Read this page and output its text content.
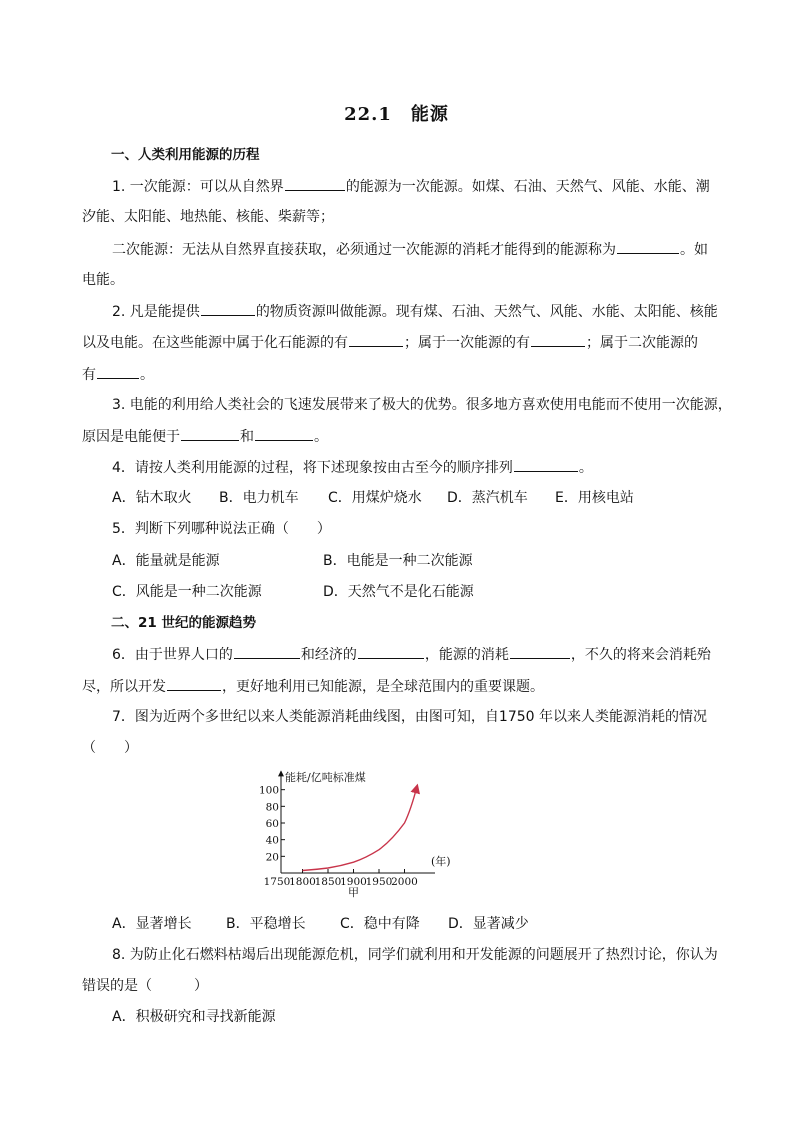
22.1　能源
一、人类利用能源的历程
1. 一次能源：可以从自然界	的能源为一次能源。如煤、石油、天然气、风能、水能、潮
汐能、太阳能、地热能、核能、柴薪等；
二次能源：无法从自然界直接获取，必须通过一次能源的消耗才能得到的能源称为	。如
电能。
2. 凡是能提供	的物质资源叫做能源。现有煤、石油、天然气、风能、水能、太阳能、核能
以及电能。在这些能源中属于化石能源的有	；属于一次能源的有	；属于二次能源的
有	。
3. 电能的利用给人类社会的飞速发展带来了极大的优势。很多地方喜欢使用电能而不使用一次能源，
原因是电能便于	和	。
4．请按人类利用能源的过程，将下述现象按由古至今的顺序排列	。
A．钻木取火 B．电力机车 C．用煤炉烧水 D．蒸汽机车 E．用核电站
5．判断下列哪种说法正确（　　）
A．能量就是能源	B．电能是一种二次能源
C．风能是一种二次能源	D．天然气不是化石能源
二、21 世纪的能源趋势
6．由于世界人口的	和经济的	，能源的消耗	，不久的将来会消耗殆
尽，所以开发	，更好地利用已知能源，是全球范围内的重要课题。
7．图为近两个多世纪以来人类能源消耗曲线图，由图可知，自1750 年以来人类能源消耗的情况
（　　）
能耗/亿吨标准煤
(年)
甲
20
40
60
80
100
1750
1800
1850
1900
1950
2000
A．显著增长 B．平稳增长 C．稳中有降 D．显著减少
8. 为防止化石燃料枯竭后出现能源危机，同学们就利用和开发能源的问题展开了热烈讨论，你认为
错误的是（　　　）
A．积极研究和寻找新能源
